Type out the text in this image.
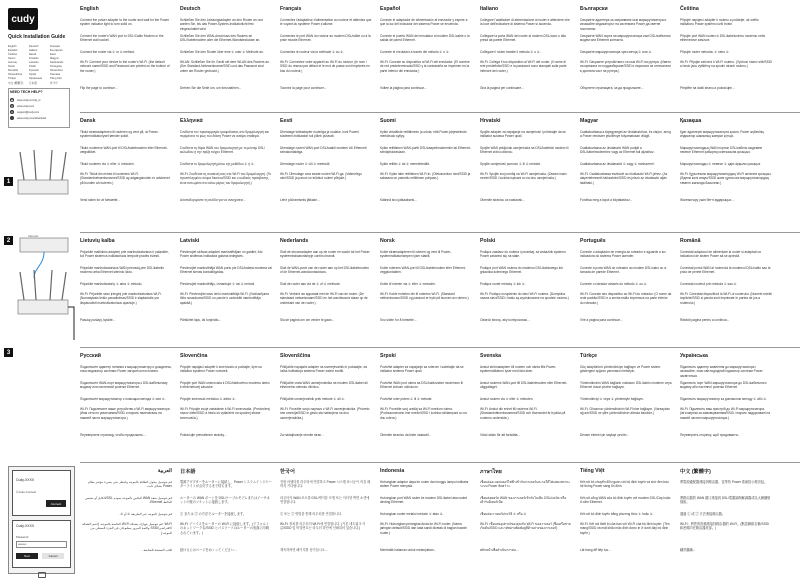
cudy
Quick Installation Guide
English	Deutsch	Français
Español	Italiano	Български
Čeština	Dansk	Eesti
Suomi	Hrvatski	Magyar
Lietuvių	Latviešu	Nederlands
Norsk	Polski	Português
Română	Русский	Slovenčina
Slovenščina	Srpski	Svenska
Türkçe	Українська	Tiếng Việt
中文 (繁體字)	日本語	한국어
NEED TECH HELP?
▣	www.cudy.com/qr_tc
◍	www.cudy.com
✉	support@cudy.com
↓	www.cudy.com/download
1
2
3
Internet
Cudy-XXXX
☑ Auto Connect
Connect
Cudy-XXXX
Password
••••••••
Next	Cancel
English
Connect the power adapter to the router and wait for the Power system indicator light to turn solid on.
Connect the router's WAN port to DSL/Cable Modem or the Ethernet wall socket.
Connect the router via ① or ② method.
Wi-Fi: Connect your device to the router's Wi-Fi. (the default network name/SSID and Password are printed on the bottom of the router.)
Flip the page to continue...
Deutsch
Schließen Sie den Leistungsadapter an den Router an und warten Sie, bis das Power-System-Indikatorlicht fest eingeschaltet wird.
Schließen Sie den WAN-Anschluss des Routers an DSL/Kabelmodem oder die Ethernet-Wandsteckdose an.
Schließen Sie den Router über eine ① oder ② Methode an.
WLAN: Schließen Sie Ihr Gerät mit dem WLAN des Routers an. (Der Standard-Netzwerkname/SSID und das Passwort sind unten am Router gedruckt.)
Drehen Sie die Seite um, um fortzufahren...
Français
Connectez l'adaptateur d'alimentation au routeur et attendez que le voyant du système Power s'allume.
Connectez le port WAN du routeur au modem DSL/câble ou à la prise murale Ethernet.
Connectez le routeur via la méthode ① ou ②.
Wi-Fi: Connectez votre appareil au Wi-Fi du routeur. (le nom / SSID du réseau par défaut et le mot de passe sont imprimés en bas du routeur.)
Tournez la page pour continuer...
Español
Conecte el adaptador de alimentación al enrutador y espere a que la luz del indicador del sistema Power se encienda.
Conecte el puerto WAN del enrutador al módem DSL/cable o la salida de pared Ethernet.
Conecte el enrutador a través del método ① o ②.
Wi-Fi: Conecte su dispositivo al Wi-Fi del enrutador. (El nombre de red predeterminado/SSID y la contraseña se imprimen en la parte inferior del enrutador.)
Voltee la página para continuar...
Italiano
Collegare l'adattatore di alimentazione al router e attendere che la luce dell'indicatore di sistema Power si accenda.
Collegare la porta WAN del router al modem DSL/cavo o alla presa da parete Ethernet.
Collegare il router tramite il metodo ① o ②.
Wi-Fi: Collega il tuo dispositivo al Wi-Fi del router. (Il nome di rete predefinito/SSID e la password sono stampati sulla parte inferiore del router.)
Gira la pagina per continuare...
Български
Свържете адаптера за захранване към маршрутизатора и изчакайте индикаторът на системата Power да светне постоянно.
Свържете WAN порта на маршрутизатора към DSL/кабелния модем или Ethernet контакта.
Свържете маршрутизатора чрез метод ① или ②.
Wi-Fi: Свържете устройството си към Wi-Fi на рутера. (Името на мрежата по подразбиране/SSID и паролата са отпечатани в долната част на рутера.)
Обърнете страницата, за да продължите...
Čeština
Připojte napájecí adaptér k routeru a počkejte, až světlo indikátoru Power systému svítí trvale.
Připojte port WAN routeru k DSL/kabelovému modemu nebo ethernetové zásuvce.
Připojte router metodou ① nebo ②.
Wi-Fi: Připojte zařízení k Wi-Fi routeru. (Výchozí název sítě/SSID a heslo jsou vytištěny na spodní straně routeru.)
Přejděte na další stranu a pokračujte...
Dansk
Tilslut strømadapteren til routeren og vent på, at Power-systemindikatorlyset tænder solidt.
Tilslut routerens WAN-port til DSL/kabelmodem eller Ethernet-vægstikket.
Tilslut routeren via ① eller ② metoden.
Wi-Fi: Tilslut din enhed til routerens Wi-Fi. (Standardnetværksnavnet/SSID og adgangskoden er udskrevet på bunden af routeren.)
Vend siden for at fortsætte...
Ελληνικά
Συνδέστε τον προσαρμογέα τροφοδοσίας στο δρομολογητή και περιμένετε το φως του δείκτη Power να ανάψει σταθερά.
Συνδέστε τη θύρα WAN του δρομολογητή με το μόντεμ DSL/καλωδίου ή την πρίζα τοίχου Ethernet.
Συνδέστε το δρομολογητή μέσω της μεθόδου ① ή ②.
Wi-Fi: Συνδέστε τη συσκευή σας στο Wi-Fi του δρομολογητή. (Το προεπιλεγμένο όνομα δικτύου/SSID και ο κωδικός πρόσβασης είναι τυπωμένα στο κάτω μέρος του δρομολογητή.)
Αναποδογυρίστε τη σελίδα για να συνεχίσετε...
Eesti
Ühendage toiteadapter ruuteriga ja oodake, kuni Poweri süsteemi indikaatori tuli põleb püsivalt.
Ühendage ruuteri WAN-port DSL/kaabli modemi või Etherneti seinakontaktiga.
Ühendage ruuter ① või ② meetodil.
Wi-Fi: Ühendage oma seade ruuteri Wi-Fi-ga. (Vaikevõrgu nimi/SSID ja parool on trükitud ruuteri põhjale.)
Lehe pööramiseks jätkake...
Suomi
Kytke virtalähde reitittimeen ja odota, että Power-järjestelmän merkkivalo syttyy.
Kytke reitittimen WAN-portti DSL/kaapelimodeemiin tai Ethernet-seinäpistorasiaan.
Kytke reititin ① tai ② menetelmällä.
Wi-Fi: Kytke laite reitittimen Wi-Fi:in. (Oletusverkon nimi/SSID ja salasana on painettu reitittimen pohjaan.)
Käännä sivu jatkaaksesi...
Hrvatski
Spojite adapter za napajanje na usmjerivač i pričekajte da se indikator sustava Power upali.
Spojite WAN priključak usmjerivača na DSL/kabelski modem ili Ethernet zidnu utičnicu.
Spojite usmjerivač pomoću ① ili ② metode.
Wi-Fi: Spojite svoj uređaj na Wi-Fi usmjerivača. (Zadani naziv mreže/SSID i lozinka ispisani su na dnu usmjerivača.)
Okrenite stranicu za nastavak...
Magyar
Csatlakoztassa a tápegységet az útválasztóhoz, és várjon, amíg a Power rendszer jelzőfénye folyamatosan világít.
Csatlakoztassa az útválasztó WAN portját a DSL/kábelmodemhez vagy az Ethernet fali aljzathoz.
Csatlakoztassa az útválasztót ① vagy ② módszerrel.
Wi-Fi: Csatlakoztassa eszközét az útválasztó Wi-Fi-jéhez. (Az alapértelmezett hálózatnév/SSID és jelszó az útválasztó alján található.)
Fordítsa meg a lapot a folytatáshoz...
Қазақша
Қуат адаптерін маршрутизаторға қосып, Power жүйесінің индикатор шамының жануын күтіңіз.
Маршрутизатордың WAN портын DSL/кабель модеміне немесе Ethernet қабырға розеткасына қосыңыз.
Маршрутизаторды ① немесе ② әдісі арқылы қосыңыз.
Wi-Fi: Құрылғыны маршрутизатордың Wi-Fi желісіне қосыңыз. (Әдепкі желі атауы/SSID және құпия сөз маршрутизатордың төменгі жағында басылған.)
Жалғастыру үшін бетті аударыңыз...
Lietuvių kalba
Prijunkite maitinimo adapterį prie maršrutizatoriaus ir palaukite, kol Power sistemos indikatoriaus lemputė pradės šviesti.
Prijunkite maršrutizatoriaus WAN prievadą prie DSL/kabelio modemo arba Ethernet sieninio lizdo.
Prijunkite maršrutizatorių ① arba ② metodu.
Wi-Fi: Prijunkite savo įrenginį prie maršrutizatoriaus Wi-Fi. (Numatytasis tinklo pavadinimas/SSID ir slaptažodis yra išspausdinti maršrutizatoriaus apačioje.)
Pasukę puslapį, tęskite...
Latviski
Pievienojiet strāvas adapteri maršrutētājam un gaidiet, līdz Power sistēmas indikatora gaisma iedegsies.
Pievienojiet maršrutētāja WAN portu pie DSL/kabeļa modema vai Ethernet sienas kontaktligzdas.
Pievienojiet maršrutētāju, izmantojot ① vai ② metodi.
Wi-Fi: Pievienojiet savu ierīci maršrutētāja Wi-Fi. (Noklusējuma tīkla nosaukums/SSID un parole ir uzdrukāti maršrutētāja apakšā.)
Pāršķiriet lapu, lai turpinātu...
Nederlands
Sluit de stroomadapter aan op de router en wacht tot het Power systeemindicatorlampje continu brandt.
Sluit de WAN-poort van de router aan op het DSL/kabelmodem of de Ethernet-wandcontactdoos.
Sluit de router aan via de ① of ② methode.
Wi-Fi: Verbind uw apparaat met de Wi-Fi van de router. (De standaard netwerknaam/SSID en het wachtwoord staan op de onderkant van de router.)
Sla de pagina om om verder te gaan...
Norsk
Koble strømadapteren til ruteren og vent til Power-systemindikatorlampen lyser stabilt.
Koble ruterens WAN-port til DSL/kabelmodem eller Ethernet-veggkontakten.
Koble til ruteren via ① eller ② metoden.
Wi-Fi: Koble enheten din til ruterens Wi-Fi. (Standard nettverksnavn/SSID og passord er trykt på bunnen av ruteren.)
Snu siden for å fortsette...
Polski
Podłącz zasilacz do routera i poczekaj, aż wskaźnik systemu Power zaświeci się na stałe.
Podłącz port WAN routera do modemu DSL/kablowego lub gniazdka ściennego Ethernet.
Podłącz router metodą ① lub ②.
Wi-Fi: Podłącz urządzenie do sieci Wi-Fi routera. (Domyślna nazwa sieci/SSID i hasło są wydrukowane na spodzie routera.)
Odwróć stronę, aby kontynuować...
Português
Conecte o adaptador de energia ao roteador e aguarde a luz indicadora do sistema Power acender.
Conecte a porta WAN do roteador ao modem DSL/cabo ou à tomada de parede Ethernet.
Conecte o roteador através do método ① ou ②.
Wi-Fi: Conecte seu dispositivo ao Wi-Fi do roteador. (O nome da rede padrão/SSID e a senha estão impressos na parte inferior do roteador.)
Vire a página para continuar...
Română
Conectați adaptorul de alimentare la router și așteptați ca indicatorul de sistem Power să se aprindă.
Conectați portul WAN al routerului la modemul DSL/cablu sau la priza de perete Ethernet.
Conectați routerul prin metoda ① sau ②.
Wi-Fi: Conectați dispozitivul la Wi-Fi-ul routerului. (Numele rețelei implicite/SSID și parola sunt imprimate în partea de jos a routerului.)
Răsfoiți pagina pentru a continua...
Русский
Подключите адаптер питания к маршрутизатору и дождитесь, пока индикатор системы Power загорится постоянно.
Подключите WAN-порт маршрутизатора к DSL/кабельному модему или настенной розетке Ethernet.
Подключите маршрутизатор с помощью метода ① или ②.
Wi-Fi: Подключите ваше устройство к Wi-Fi маршрутизатора. (Имя сети по умолчанию/SSID и пароль напечатаны на нижней части маршрутизатора.)
Переверните страницу, чтобы продолжить...
Slovenčina
Pripojte napájací adaptér k smerovaču a počkajte, kým sa indikátor systému Power rozsvieti.
Pripojte port WAN smerovača k DSL/káblovému modemu alebo k ethernetovej zásuvke.
Pripojte smerovač metódou ① alebo ②.
Wi-Fi: Pripojte svoje zariadenie k Wi-Fi smerovača. (Predvolený názov siete/SSID a heslo sú vytlačené na spodnej strane smerovača.)
Pokračujte prevrátením stránky...
Slovenščina
Priključite napajalni adapter na usmerjevalnik in počakajte, da lučka indikatorja sistema Power začne svetiti.
Priključite vrata WAN usmerjevalnika na modem DSL/kabel ali ethernetno stensko vtičnico.
Priključite usmerjevalnik prek metode ① ali ②.
Wi-Fi: Povežite svojo napravo z Wi-Fi usmerjevalnika. (Privzeto ime omrežja/SSID in geslo sta natisnjena na dnu usmerjevalnika.)
Za nadaljevanje obrnite stran...
Srpski
Povežite adapter za napajanje sa ruterom i sačekajte da se indikator sistema Power upali.
Povežite WAN port rutera sa DSL/kablovskim modemom ili Ethernet zidnom utičnicom.
Povežite ruter putem ① ili ② metode.
Wi-Fi: Povežite svoj uređaj sa Wi-Fi mrežom rutera. (Podrazumevano ime mreže/SSID i lozinka odštampani su na dnu rutera.)
Okrenite stranicu da biste nastavili...
Svenska
Anslut strömadaptern till routern och vänta tills Power-systemindikatorn lyser med fast sken.
Anslut routerns WAN-port till DSL/kabelmodem eller Ethernet-vägguttaget.
Anslut routern via ① eller ② metoden.
Wi-Fi: Anslut din enhet till routerns Wi-Fi. (Standardnätverksnamnet/SSID och lösenordet är tryckta på routerns undersida.)
Vänd sidan för att fortsätta...
Türkçe
Güç adaptörünü yönlendiriciye bağlayın ve Power sistem göstergesi ışığının yanmasını bekleyin.
Yönlendiricinin WAN bağlantı noktasını DSL/kablo modeme veya Ethernet duvar prizine bağlayın.
Yönlendiriciyi ① veya ② yöntemiyle bağlayın.
Wi-Fi: Cihazınızı yönlendiricinin Wi-Fi'sine bağlayın. (Varsayılan ağ adı/SSID ve şifre yönlendiricinin altında basılıdır.)
Devam etmek için sayfayı çevirin...
Українська
Підключіть адаптер живлення до маршрутизатора і зачекайте, поки світлодіодний індикатор системи Power засвітиться.
Підключіть порт WAN маршрутизатора до DSL/кабельного модему або настінної розетки Ethernet.
Підключіть маршрутизатор за допомогою методу ① або ②.
Wi-Fi: Підключіть ваш пристрій до Wi-Fi маршрутизатора. (Ім'я мережі за замовчуванням/SSID і пароль надруковані на нижній частині маршрутизатора.)
Переверніть сторінку, щоб продовжити...
العربية
قم بتوصيل محول الطاقة بالموجه وانتظر حتى يضيء مؤشر نظام Power بشكل ثابت.
قم بتوصيل منفذ WAN الخاص بالموجه بمودم DSL/الكابل أو مقبس الحائط Ethernet.
قم بتوصيل الموجه عبر الطريقة ① أو ②.
Wi-Fi: قم بتوصيل جهازك بشبكة Wi-Fi الخاصة بالموجه. (اسم الشبكة الافتراضي/SSID وكلمة المرور مطبوعان في الجزء السفلي من الموجه.)
اقلب الصفحة للمتابعة...
日本語
電源アダプターをルーターに接続し、Power システムインジケーターライトが点灯するまで待ちます。
ルーターの WAN ポートを DSL/ケーブルモデムまたはイーサネットの壁のソケットに接続します。
① または ② の方法でルーターを接続します。
Wi-Fi: デバイスをルーターの Wi-Fi に接続します。(デフォルトのネットワーク名/SSID とパスワードはルーターの底面に印刷されています。)
続けるにはページをめくってください...
한국어
전원 어댑터를 라우터에 연결하고 Power 시스템 표시등이 켜질 때까지 기다립니다.
라우터의 WAN 포트를 DSL/케이블 모뎀 또는 이더넷 벽면 소켓에 연결합니다.
① 또는 ② 방법을 통해 라우터를 연결합니다.
Wi-Fi: 장치를 라우터의 Wi-Fi에 연결합니다. (기본 네트워크 이름/SSID 및 비밀번호는 라우터 하단에 인쇄되어 있습니다.)
계속하려면 페이지를 넘기십시오...
Indonesia
Hubungkan adaptor daya ke router dan tunggu lampu indikator sistem Power menyala.
Hubungkan port WAN router ke modem DSL/kabel atau soket dinding Ethernet.
Hubungkan router melalui metode ① atau ②.
Wi-Fi: Hubungkan perangkat Anda ke Wi-Fi router. (Nama jaringan default/SSID dan kata sandi dicetak di bagian bawah router.)
Membalik halaman untuk melanjutkan...
ภาษาไทย
เชื่อมต่ออะแดปเตอร์ไฟฟ้าเข้ากับเราเตอร์และรอให้ไฟแสดงสถานะระบบ Power ติดสว่าง
เชื่อมต่อพอร์ต WAN ของเราเตอร์เข้ากับโมเด็ม DSL/เคเบิล หรือเต้ารับอีเทอร์เน็ต
เชื่อมต่อเราเตอร์ผ่านวิธี ① หรือ ②
Wi-Fi: เชื่อมต่ออุปกรณ์ของคุณกับ Wi-Fi ของเราเตอร์ (ชื่อเครือข่ายเริ่มต้น/SSID และรหัสผ่านพิมพ์อยู่ที่ด้านล่างของเราเตอร์)
พลิกหน้าเพื่อดำเนินการต่อ...
Tiếng Việt
Kết nối bộ chuyển đổi nguồn với bộ định tuyến và chờ đèn báo hệ thống Power sáng ổn định.
Kết nối cổng WAN của bộ định tuyến với modem DSL/Cáp hoặc ổ cắm Ethernet.
Kết nối bộ định tuyến bằng phương thức ① hoặc ②.
Wi-Fi: Kết nối thiết bị của bạn với Wi-Fi của bộ định tuyến. (Tên mạng/SSID và mật khẩu mặc định được in ở dưới đáy bộ định tuyến.)
Lật trang để tiếp tục...
中文 (繁體字)
將電源適配器連接到路由器，並等待 Power 系統指示燈亮起。
將路由器的 WAN 端口連接到 DSL/電纜調制解調器或以太網牆壁插座。
通過 ① 或 ② 方法連接路由器。
Wi-Fi：將您的設備連接到路由器的 Wi-Fi。(默認網絡名稱/SSID 和密碼印在路由器底部。)
翻頁繼續...
